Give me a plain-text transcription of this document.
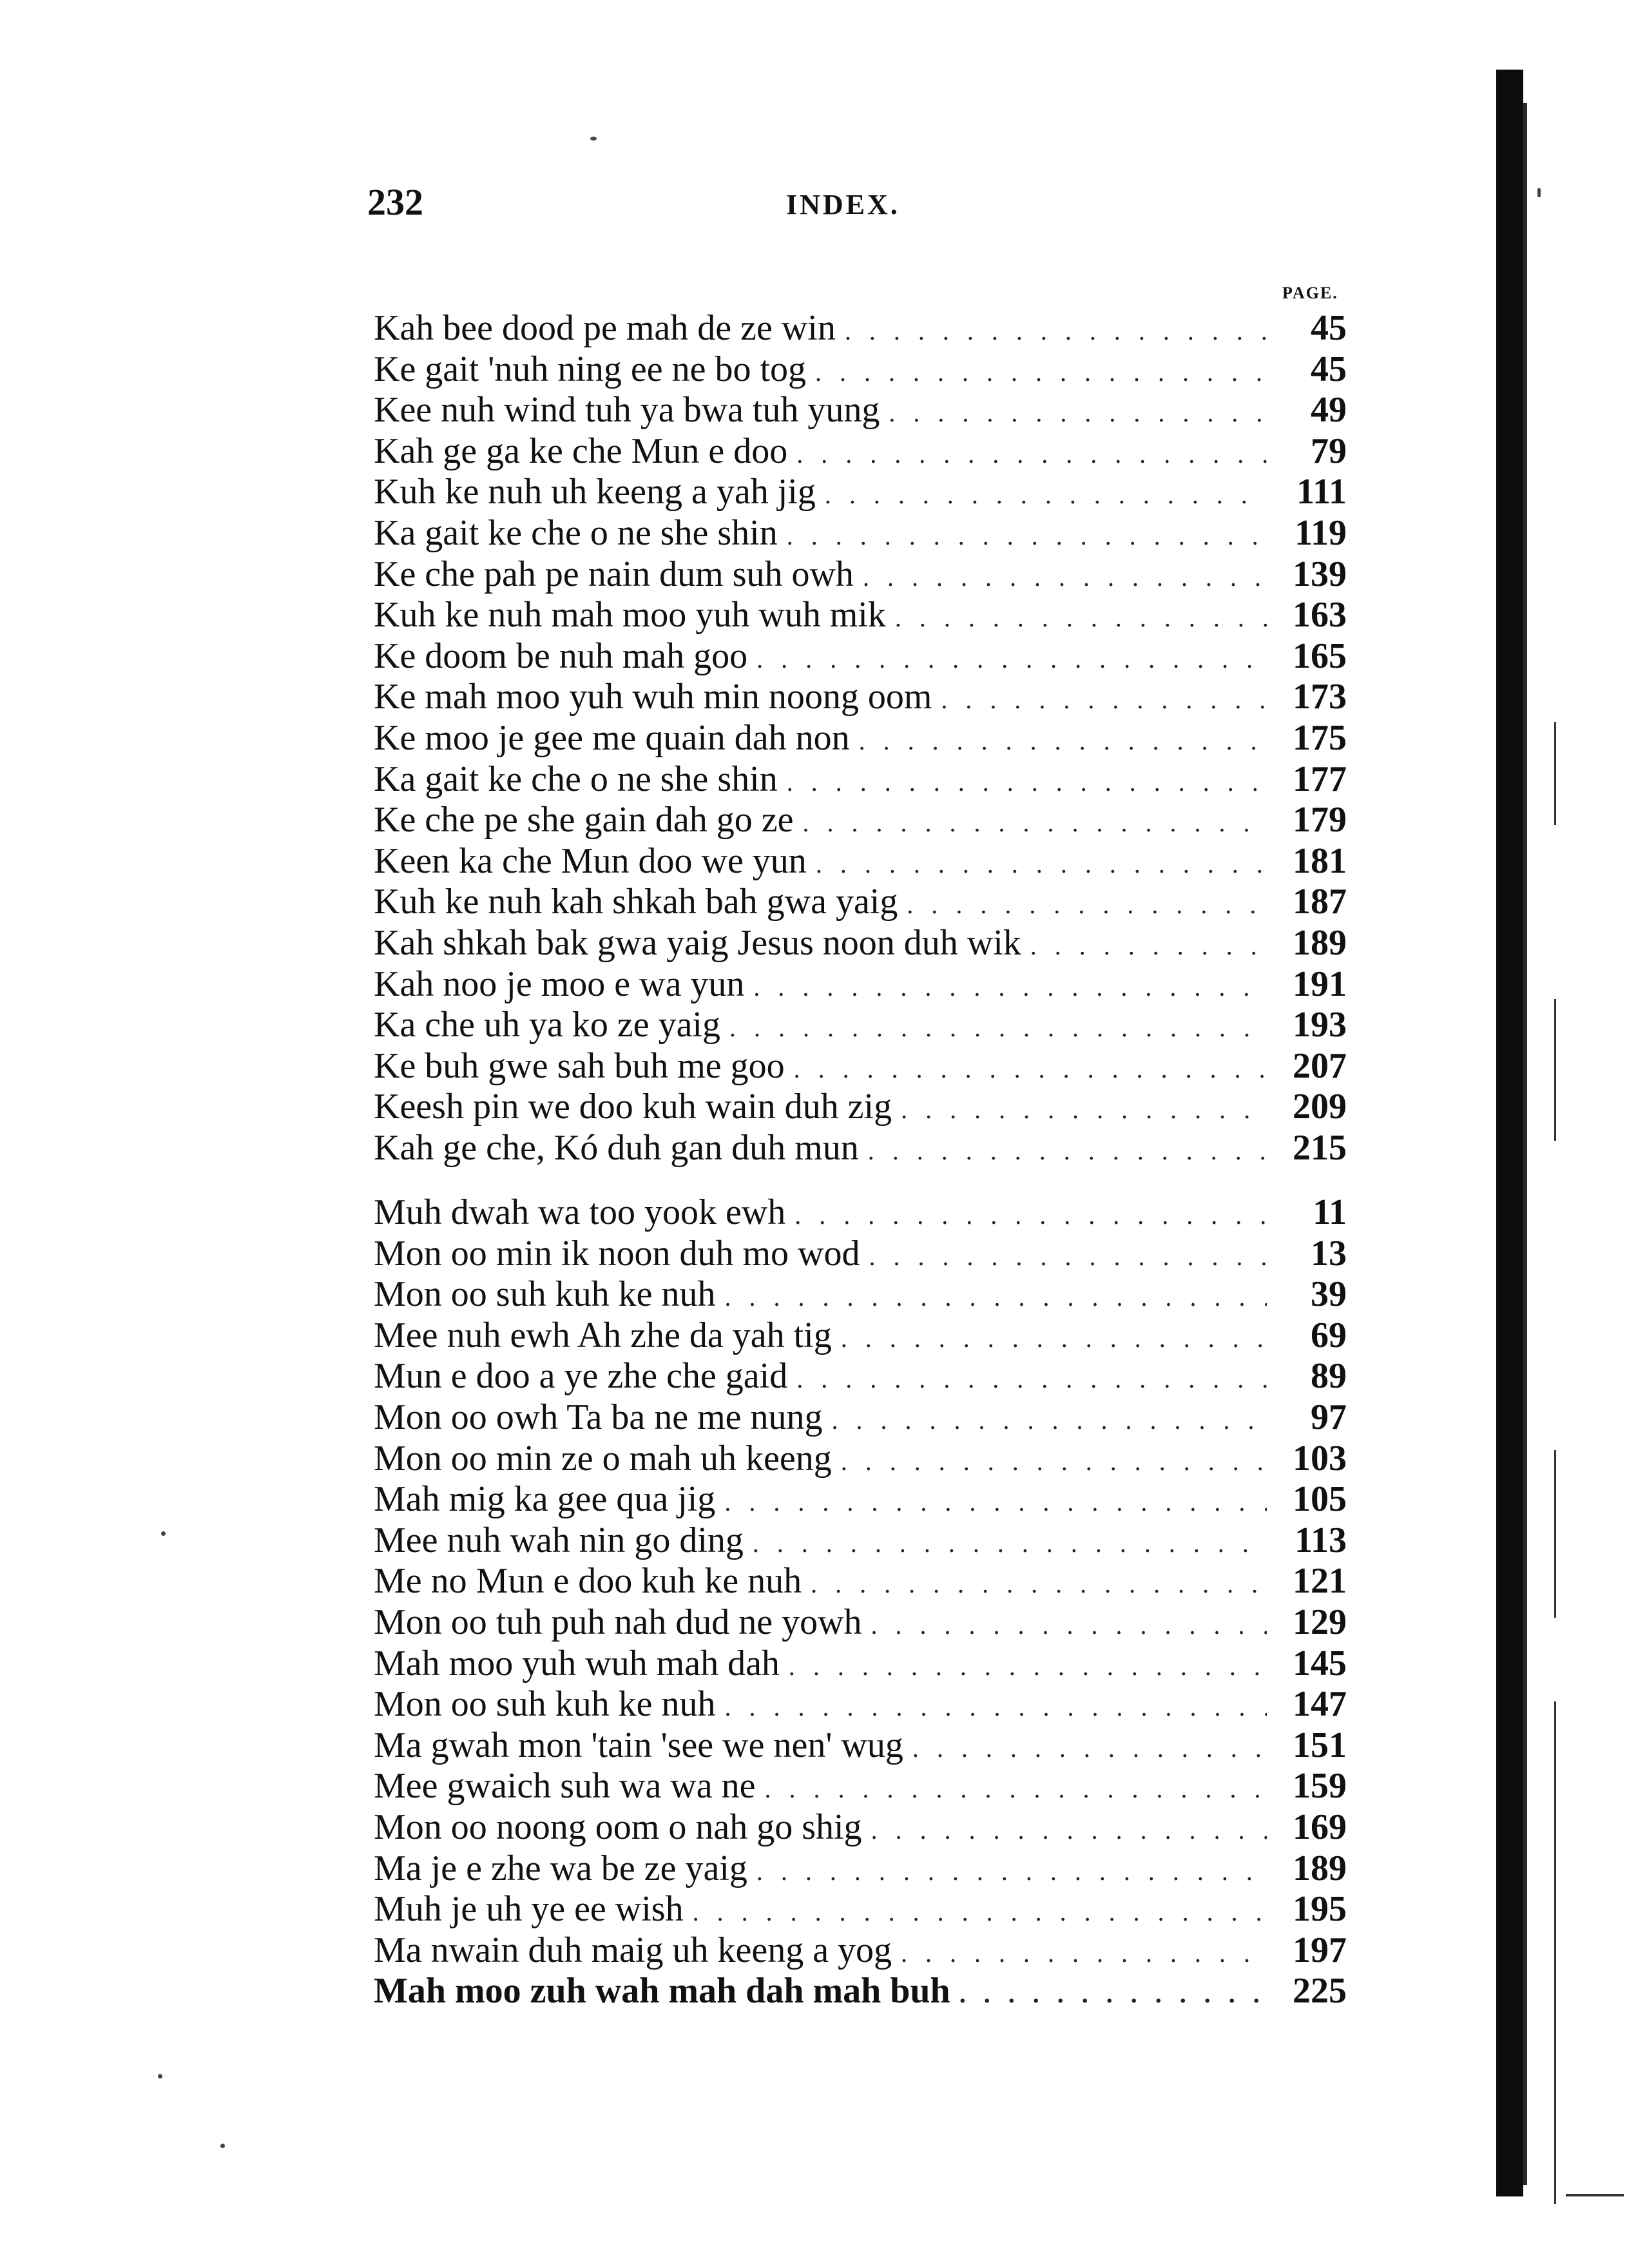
232	INDEX.
PAGE.
Kah bee dood pe mah de ze win . . .	45
Ke gait 'nuh ning ee ne bo tog . . .	45
Kee nuh wind tuh ya bwa tuh yung . . .	49
Kah ge ga ke che Mun e doo . . .	79
Kuh ke nuh uh keeng a yah jig . . .	111
Ka gait ke che o ne she shin . . .	119
Ke che pah pe nain dum suh owh . . .	139
Kuh ke nuh mah moo yuh wuh mik . . .	163
Ke doom be nuh mah goo . . .	165
Ke mah moo yuh wuh min noong oom . . .	173
Ke moo je gee me quain dah non . . .	175
Ka gait ke che o ne she shin . . .	177
Ke che pe she gain dah go ze . . .	179
Keen ka che Mun doo we yun . . .	181
Kuh ke nuh kah shkah bah gwa yaig . . .	187
Kah shkah bak gwa yaig Jesus noon duh wik . . .	189
Kah noo je moo e wa yun . . .	191
Ka che uh ya ko ze yaig . . .	193
Ke buh gwe sah buh me goo . . .	207
Keesh pin we doo kuh wain duh zig . . .	209
Kah ge che, Kó duh gan duh mun . . .	215
Muh dwah wa too yook ewh . . .	11
Mon oo min ik noon duh mo wod . . .	13
Mon oo suh kuh ke nuh . . .	39
Mee nuh ewh Ah zhe da yah tig . . .	69
Mun e doo a ye zhe che gaid . . .	89
Mon oo owh Ta ba ne me nung . . .	97
Mon oo min ze o mah uh keeng . . .	103
Mah mig ka gee qua jig . . .	105
Mee nuh wah nin go ding . . .	113
Me no Mun e doo kuh ke nuh . . .	121
Mon oo tuh puh nah dud ne yowh . . .	129
Mah moo yuh wuh mah dah . . .	145
Mon oo suh kuh ke nuh . . .	147
Ma gwah mon 'tain 'see we nen' wug . . .	151
Mee gwaich suh wa wa ne . . .	159
Mon oo noong oom o nah go shig . . .	169
Ma je e zhe wa be ze yaig . . .	189
Muh je uh ye ee wish . . .	195
Ma nwain duh maig uh keeng a yog . . .	197
Mah moo zuh wah mah dah mah buh . . .	225
